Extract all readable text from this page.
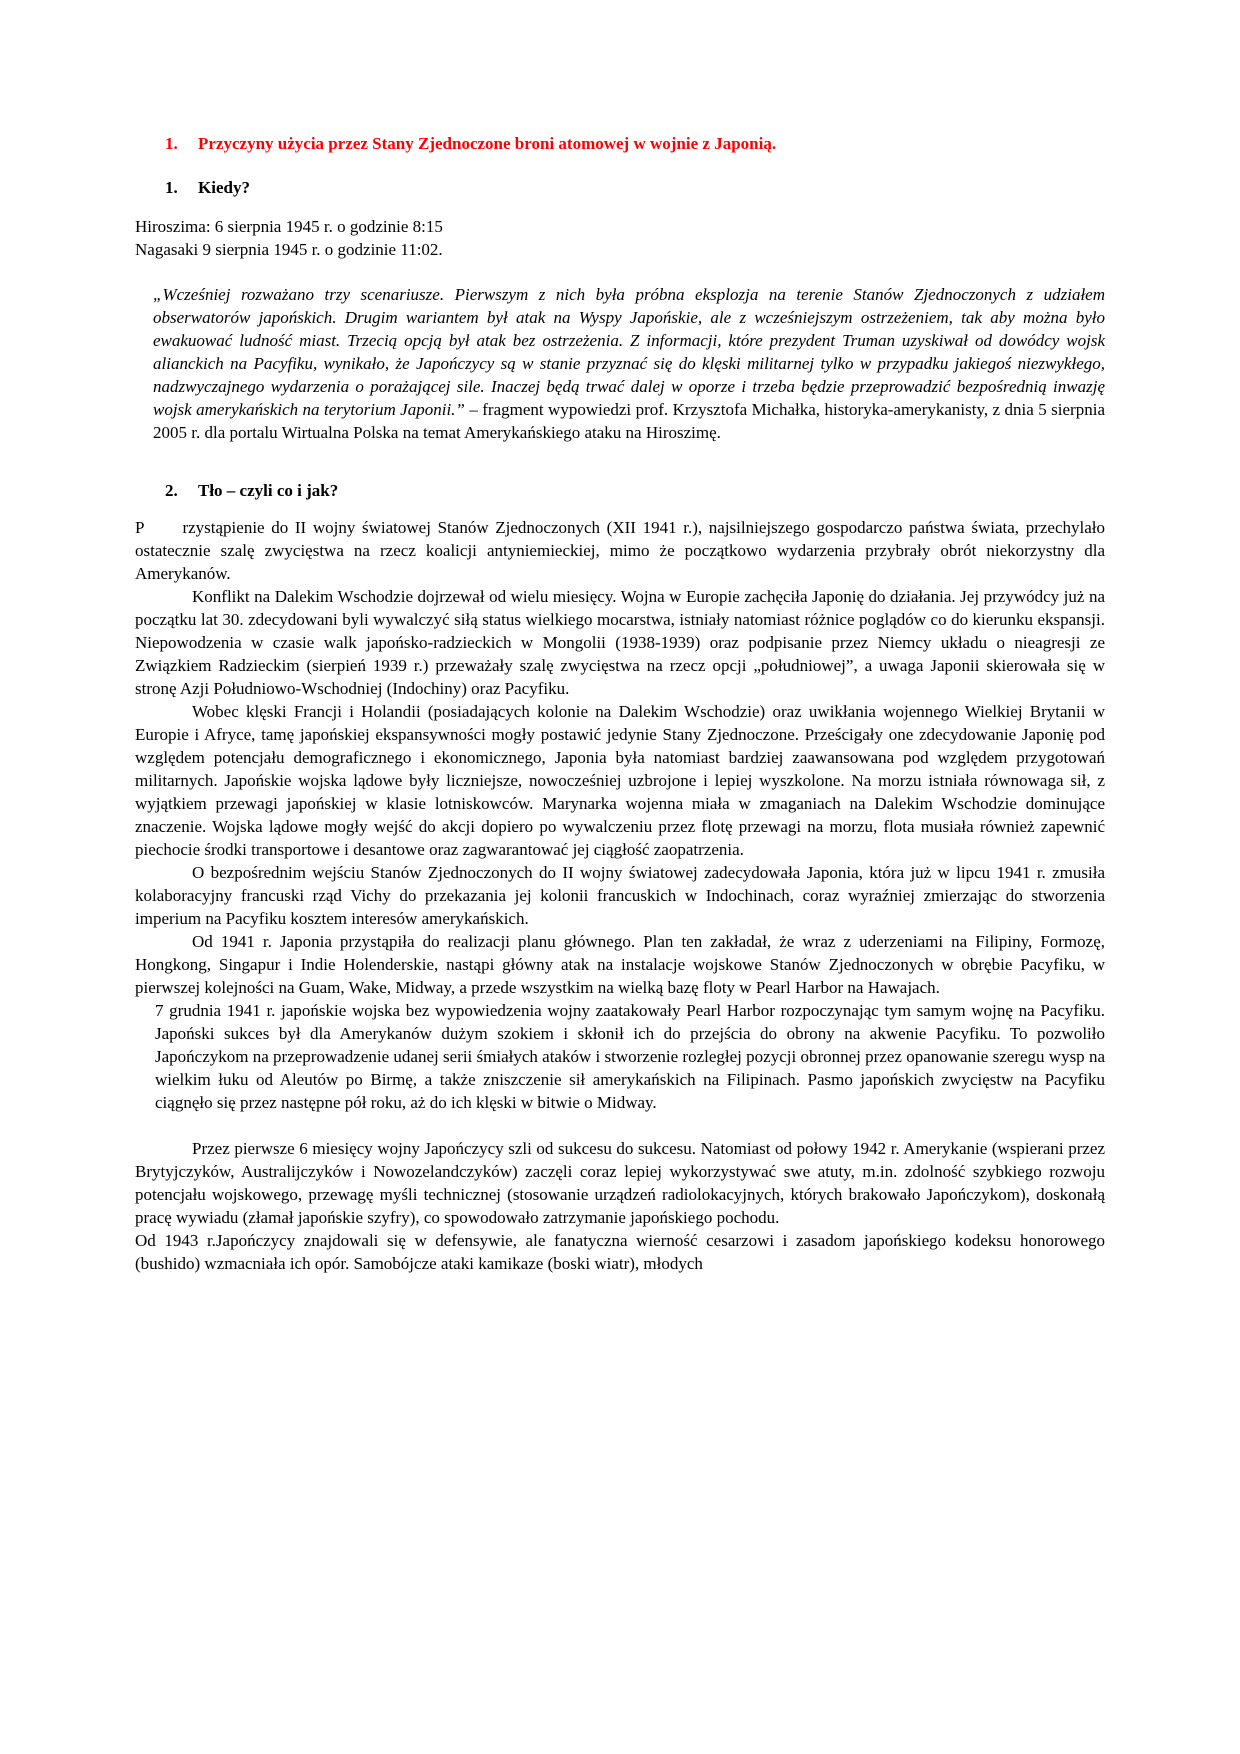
1. Przyczyny użycia przez Stany Zjednoczone broni atomowej w wojnie z Japonią.
1. Kiedy?

Hiroszima: 6 sierpnia 1945 r. o godzinie 8:15

Nagasaki 9 sierpnia 1945 r. o godzinie 11:02.

„Wcześniej rozważano trzy scenariusze. Pierwszym z nich była próbna eksplozja na terenie Stanów Zjednoczonych z udziałem obserwatorów japońskich. Drugim wariantem był atak na Wyspy Japońskie, ale z wcześniejszym ostrzeżeniem, tak aby można było ewakuować ludność miast. Trzecią opcją był atak bez ostrzeżenia. Z informacji, które prezydent Truman uzyskiwał od dowódcy wojsk alianckich na Pacyfiku, wynikało, że Japończycy są w stanie przyznać się do klęski militarnej tylko w przypadku jakiegoś niezwykłego, nadzwyczajnego wydarzenia o porażającej sile. Inaczej będą trwać dalej w oporze i trzeba będzie przeprowadzić bezpośrednią inwazję wojsk amerykańskich na terytorium Japonii.” – fragment wypowiedzi prof. Krzysztofa Michałka, historyka-amerykanisty, z dnia 5 sierpnia 2005 r. dla portalu Wirtualna Polska na temat Amerykańskiego ataku na Hiroszimę.

2. Tło – czyli co i jak?

P rzystąpienie do II wojny światowej Stanów Zjednoczonych (XII 1941 r.), najsilniejszego gospodarczo państwa świata, przechylało ostatecznie szalę zwycięstwa na rzecz koalicji antyniemieckiej, mimo że początkowo wydarzenia przybrały obrót niekorzystny dla Amerykanów.

Konflikt na Dalekim Wschodzie dojrzewał od wielu miesięcy. Wojna w Europie zachęciła Japonię do działania. Jej przywódcy już na początku lat 30. zdecydowani byli wywalczyć siłą status wielkiego mocarstwa, istniały natomiast różnice poglądów co do kierunku ekspansji. Niepowodzenia w czasie walk japońsko-radzieckich w Mongolii (1938-1939) oraz podpisanie przez Niemcy układu o nieagresji ze Związkiem Radzieckim (sierpień 1939 r.) przeważały szalę zwycięstwa na rzecz opcji „południowej”, a uwaga Japonii skierowała się w stronę Azji Południowo-Wschodniej (Indochiny) oraz Pacyfiku.

Wobec klęski Francji i Holandii (posiadających kolonie na Dalekim Wschodzie) oraz uwikłania wojennego Wielkiej Brytanii w Europie i Afryce, tamę japońskiej ekspansywności mogły postawić jedynie Stany Zjednoczone. Prześcigały one zdecydowanie Japonię pod względem potencjału demograficznego i ekonomicznego, Japonia była natomiast bardziej zaawansowana pod względem przygotowań militarnych. Japońskie wojska lądowe były liczniejsze, nowocześniej uzbrojone i lepiej wyszkolone. Na morzu istniała równowaga sił, z wyjątkiem przewagi japońskiej w klasie lotniskowców. Marynarka wojenna miała w zmaganiach na Dalekim Wschodzie dominujące znaczenie. Wojska lądowe mogły wejść do akcji dopiero po wywalczeniu przez flotę przewagi na morzu, flota musiała również zapewnić piechocie środki transportowe i desantowe oraz zagwarantować jej ciągłość zaopatrzenia.

O bezpośrednim wejściu Stanów Zjednoczonych do II wojny światowej zadecydowała Japonia, która już w lipcu 1941 r. zmusiła kolaboracyjny francuski rząd Vichy do przekazania jej kolonii francuskich w Indochinach, coraz wyraźniej zmierzając do stworzenia imperium na Pacyfiku kosztem interesów amerykańskich.

Od 1941 r. Japonia przystąpiła do realizacji planu głównego. Plan ten zakładał, że wraz z uderzeniami na Filipiny, Formozę, Hongkong, Singapur i Indie Holenderskie, nastąpi główny atak na instalacje wojskowe Stanów Zjednoczonych w obrębie Pacyfiku, w pierwszej kolejności na Guam, Wake, Midway, a przede wszystkim na wielką bazę floty w Pearl Harbor na Hawajach.

7 grudnia 1941 r. japońskie wojska bez wypowiedzenia wojny zaatakowały Pearl Harbor rozpoczynając tym samym wojnę na Pacyfiku. Japoński sukces był dla Amerykanów dużym szokiem i skłonił ich do przejścia do obrony na akwenie Pacyfiku. To pozwoliło Japończykom na przeprowadzenie udanej serii śmiałych ataków i stworzenie rozległej pozycji obronnej przez opanowanie szeregu wysp na wielkim łuku od Aleutów po Birmę, a także zniszczenie sił amerykańskich na Filipinach. Pasmo japońskich zwycięstw na Pacyfiku ciągnęło się przez następne pół roku, aż do ich klęski w bitwie o Midway.

Przez pierwsze 6 miesięcy wojny Japończycy szli od sukcesu do sukcesu. Natomiast od połowy 1942 r. Amerykanie (wspierani przez Brytyjczyków, Australijczyków i Nowozelandczyków) zaczęli coraz lepiej wykorzystywać swe atuty, m.in. zdolność szybkiego rozwoju potencjału wojskowego, przewagę myśli technicznej (stosowanie urządzeń radiolokacyjnych, których brakowało Japończykom), doskonałą pracę wywiadu (złamał japońskie szyfry), co spowodowało zatrzymanie japońskiego pochodu.

Od 1943 r.Japończycy znajdowali się w defensywie, ale fanatyczna wierność cesarzowi i zasadom japońskiego kodeksu honorowego (bushido) wzmacniała ich opór. Samobójcze ataki kamikaze (boski wiatr), młodych
